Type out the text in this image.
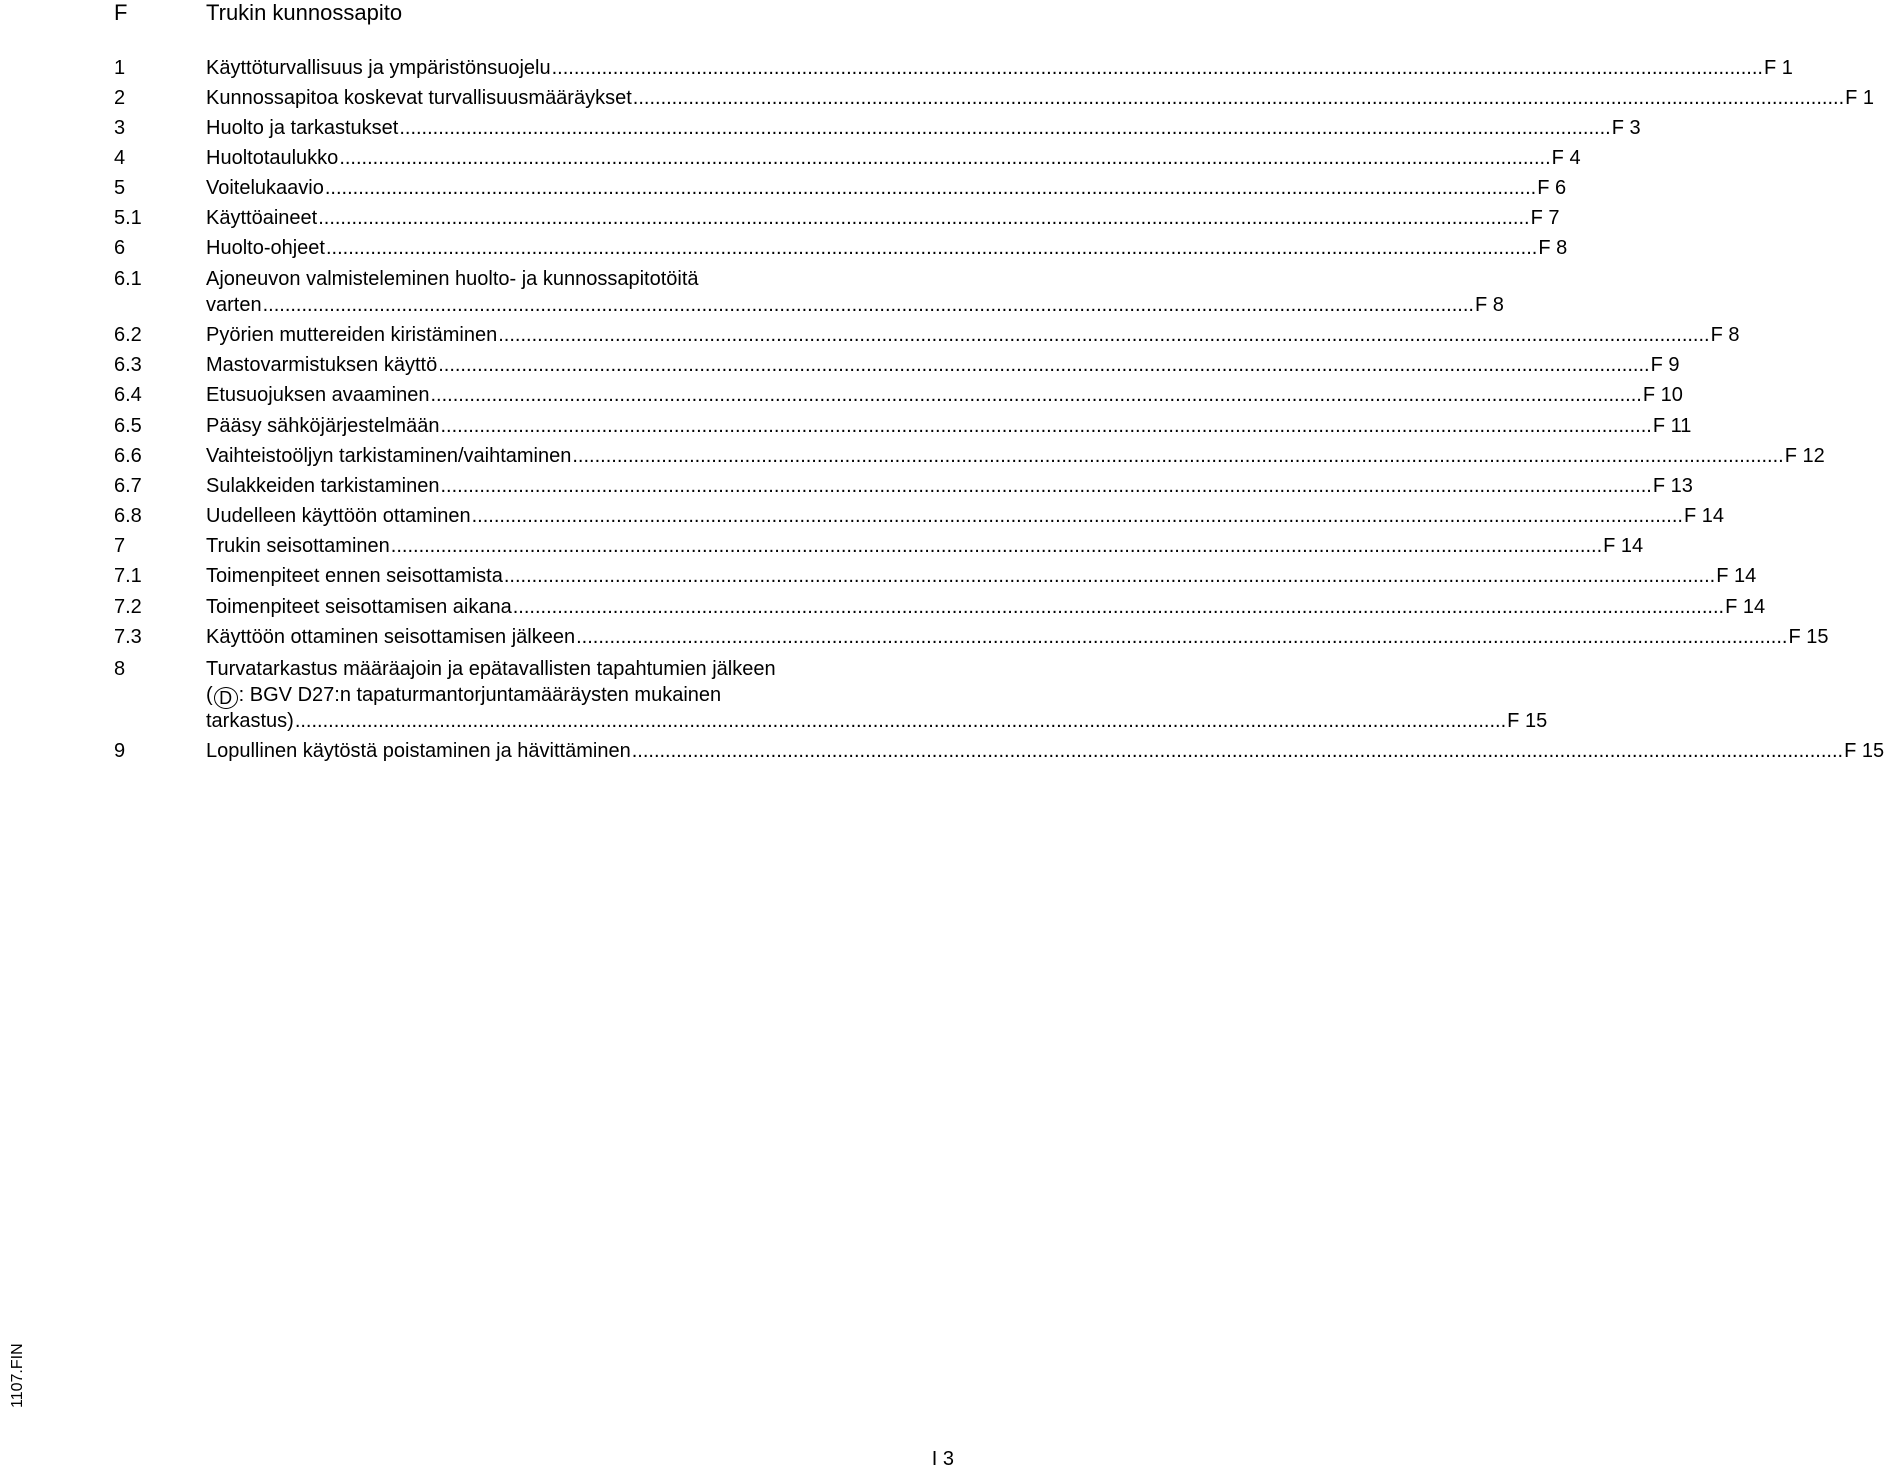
F	Trukin kunnossapito
1	Käyttöturvallisuus ja ympäristönsuojelu .......................................................................................................................................................................................................................... F 1
2	Kunnossapitoa koskevat turvallisuusmääräykset .......................................................................................................................................................................................................................... F 1
3	Huolto ja tarkastukset .......................................................................................................................................................................................................................... F 3
4	Huoltotaulukko .......................................................................................................................................................................................................................... F 4
5	Voitelukaavio .......................................................................................................................................................................................................................... F 6
5.1	Käyttöaineet .......................................................................................................................................................................................................................... F 7
6	Huolto-ohjeet .......................................................................................................................................................................................................................... F 8
6.1	Ajoneuvon valmisteleminen huolto- ja kunnossapitotöitä
varten .......................................................................................................................................................................................................................... F 8
6.2	Pyörien muttereiden kiristäminen .......................................................................................................................................................................................................................... F 8
6.3	Mastovarmistuksen käyttö .......................................................................................................................................................................................................................... F 9
6.4	Etusuojuksen avaaminen .......................................................................................................................................................................................................................... F 10
6.5	Pääsy sähköjärjestelmään .......................................................................................................................................................................................................................... F 11
6.6	Vaihteistoöljyn tarkistaminen/vaihtaminen .......................................................................................................................................................................................................................... F 12
6.7	Sulakkeiden tarkistaminen .......................................................................................................................................................................................................................... F 13
6.8	Uudelleen käyttöön ottaminen .......................................................................................................................................................................................................................... F 14
7	Trukin seisottaminen .......................................................................................................................................................................................................................... F 14
7.1	Toimenpiteet ennen seisottamista .......................................................................................................................................................................................................................... F 14
7.2	Toimenpiteet seisottamisen aikana .......................................................................................................................................................................................................................... F 14
7.3	Käyttöön ottaminen seisottamisen jälkeen .......................................................................................................................................................................................................................... F 15
8	Turvatarkastus määräajoin ja epätavallisten tapahtumien jälkeen
( D : BGV D27:n tapaturmantorjuntamääräysten mukainen
tarkastus) .......................................................................................................................................................................................................................... F 15
9	Lopullinen käytöstä poistaminen ja hävittäminen .......................................................................................................................................................................................................................... F 15
1107.FIN
I 3
